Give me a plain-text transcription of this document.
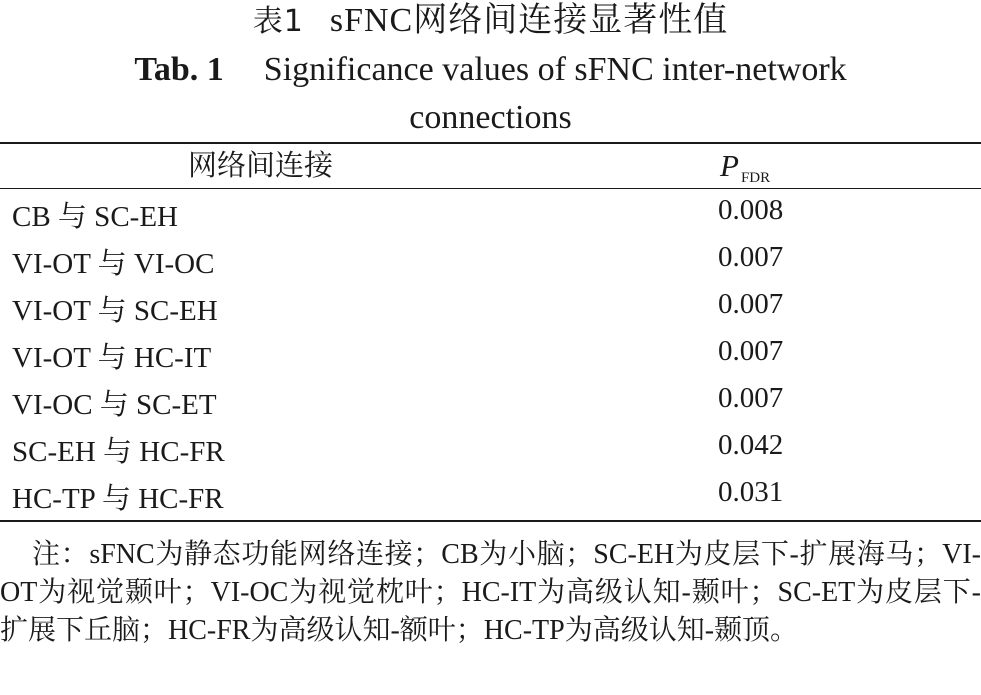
表1 sFNC网络间连接显著性值
Tab. 1 Significance values of sFNC inter-network connections
网络间连接	P $_{FDR}$
CB 与 SC-EH	0.008
VI-OT 与 VI-OC	0.007
VI-OT 与 SC-EH	0.007
VI-OT 与 HC-IT	0.007
VI-OC 与 SC-ET	0.007
SC-EH 与 HC-FR	0.042
HC-TP 与 HC-FR	0.031
注：sFNC为静态功能网络连接；CB为小脑；SC-EH为皮层下-扩展海马；VI-OT为视觉颞叶；VI-OC为视觉枕叶；HC-IT为高级认知-颞叶；SC-ET为皮层下-扩展下丘脑；HC-FR为高级认知-额叶；HC-TP为高级认知-颞顶。
